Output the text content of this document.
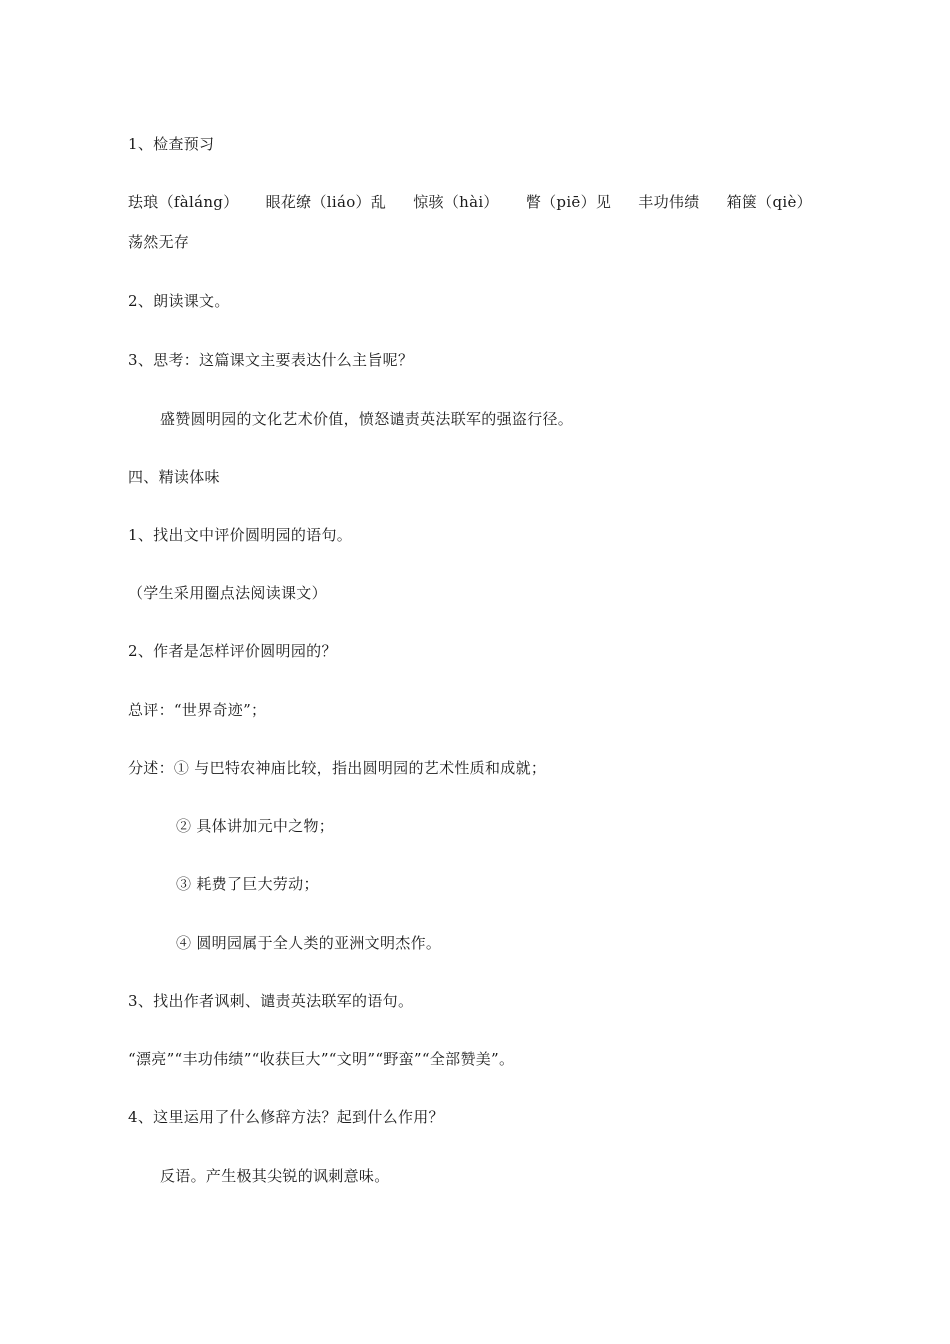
1、检查预习
珐琅（fàláng） 眼花缭（liáo）乱 惊骇（hài） 瞥（piē）见 丰功伟绩 箱箧（qiè）
荡然无存
2、朗读课文。
3、思考：这篇课文主要表达什么主旨呢？
盛赞圆明园的文化艺术价值，愤怒谴责英法联军的强盗行径。
四、精读体味
1、找出文中评价圆明园的语句。
（学生采用圈点法阅读课文）
2、作者是怎样评价圆明园的？
总评：“世界奇迹”；
分述：① 与巴特农神庙比较，指出圆明园的艺术性质和成就；
② 具体讲加元中之物；
③ 耗费了巨大劳动；
④ 圆明园属于全人类的亚洲文明杰作。
3、找出作者讽刺、谴责英法联军的语句。
“漂亮”“丰功伟绩”“收获巨大”“文明”“野蛮”“全部赞美”。
4、这里运用了什么修辞方法？起到什么作用？
反语。产生极其尖锐的讽刺意味。
